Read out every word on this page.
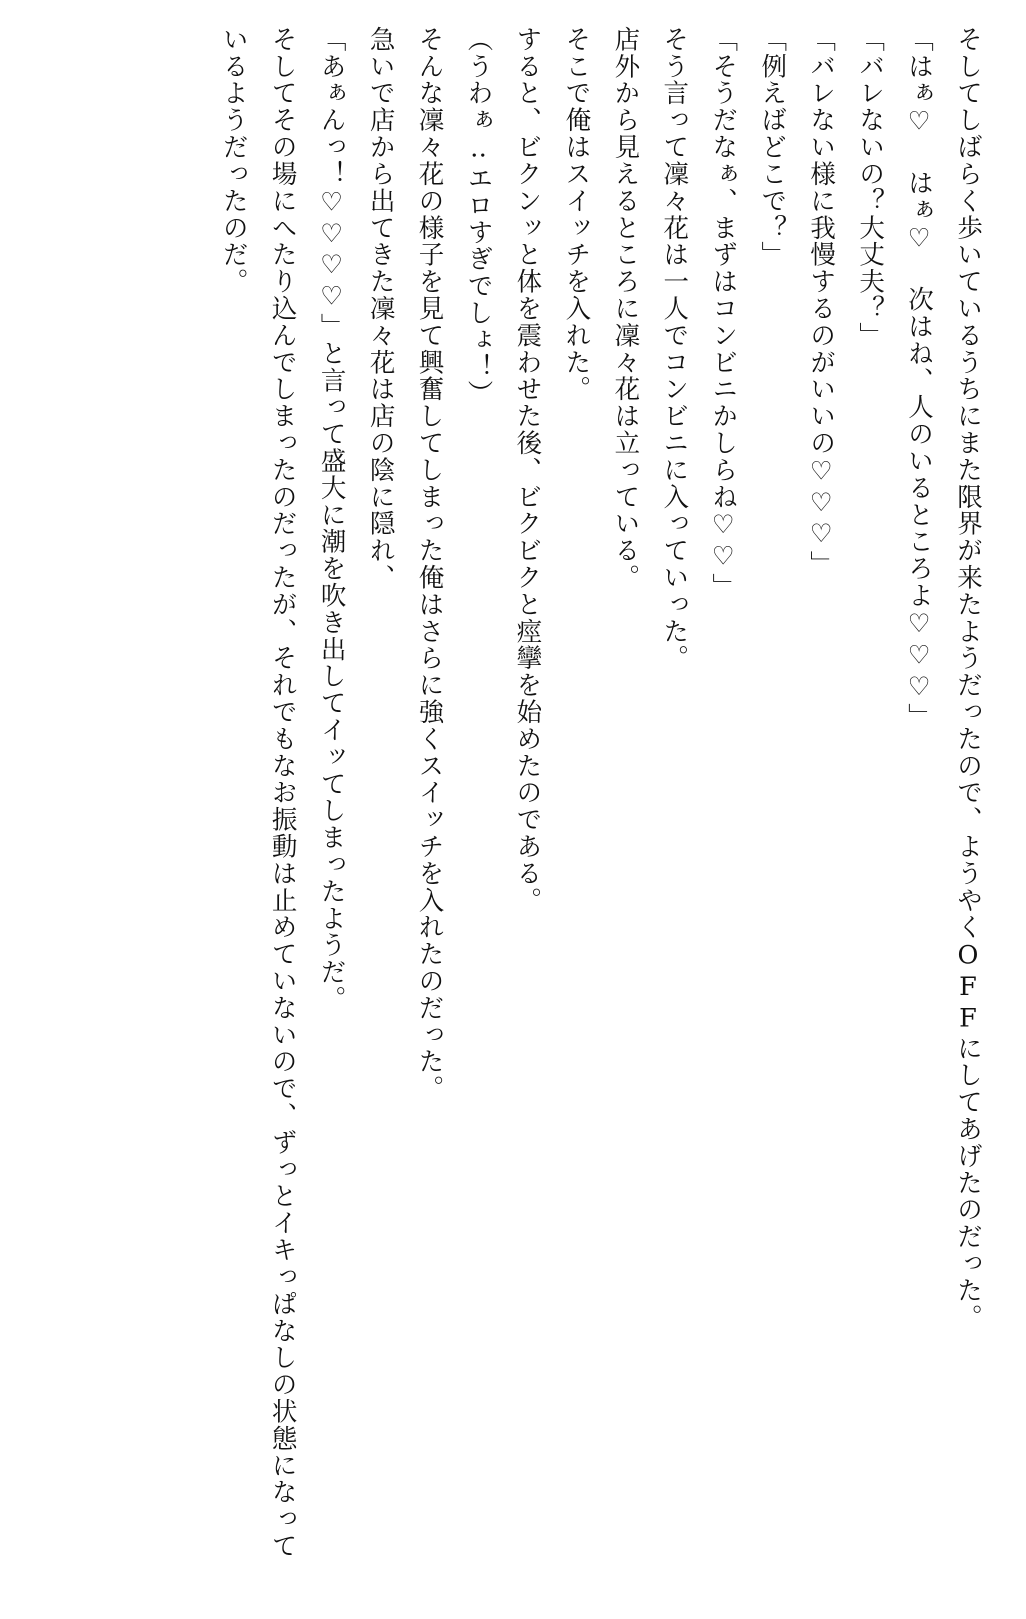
そしてしばらく歩いているうちにまた限界が来たようだったので、ようやくOFFにしてあげたのだった。

「はぁ♡ はぁ♡ 次はね、人のいるところよ♡♡♡」

「バレないの？大丈夫？」

「バレない様に我慢するのがいいの♡♡♡」

「例えばどこで？」

「そうだなぁ、まずはコンビニかしらね♡♡」

そう言って凜々花は一人でコンビニに入っていった。

店外から見えるところに凜々花は立っている。

そこで俺はスイッチを入れた。

すると、ビクンッと体を震わせた後、ビクビクと痙攣を始めたのである。

（うわぁ‥エロすぎでしょ！）

そんな凜々花の様子を見て興奮してしまった俺はさらに強くスイッチを入れたのだった。

急いで店から出てきた凜々花は店の陰に隠れ、

「あぁんっ！♡♡♡♡」と言って盛大に潮を吹き出してイッてしまったようだ。

そしてその場にへたり込んでしまったのだったが、それでもなお振動は止めていないので、ずっとイキっぱなしの状態になっているようだったのだ。
